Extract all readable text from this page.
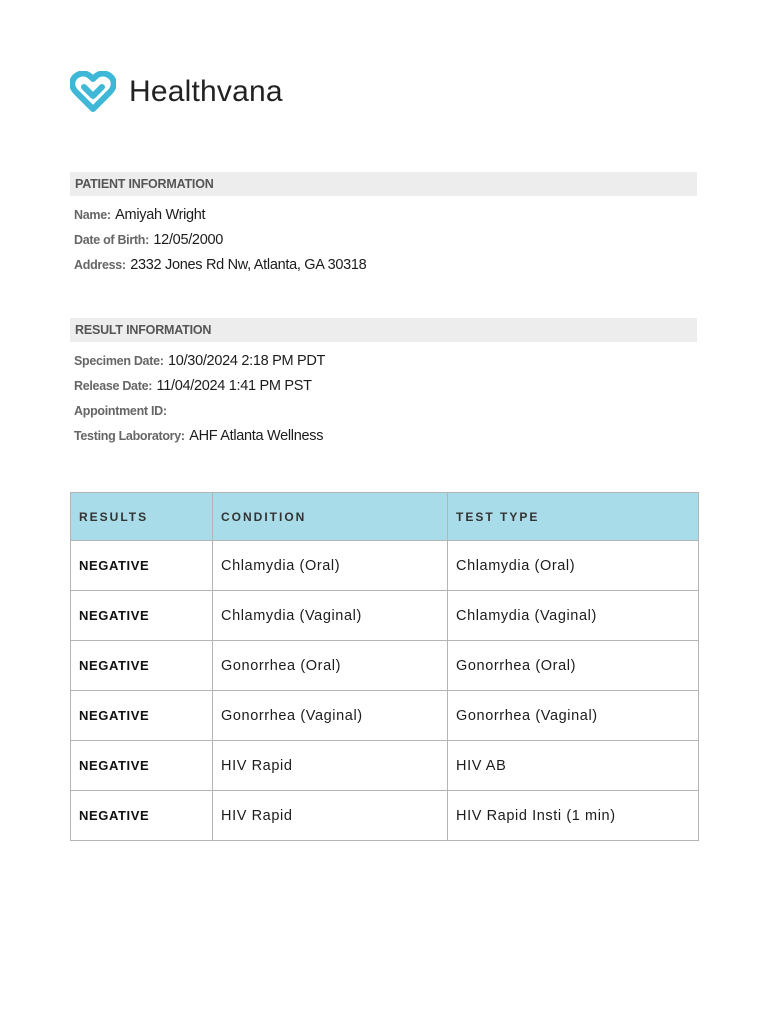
Healthvana
PATIENT INFORMATION
Name: Amiyah Wright
Date of Birth: 12/05/2000
Address: 2332 Jones Rd Nw, Atlanta, GA 30318
RESULT INFORMATION
Specimen Date: 10/30/2024 2:18 PM PDT
Release Date: 11/04/2024 1:41 PM PST
Appointment ID:
Testing Laboratory: AHF Atlanta Wellness
RESULTS	CONDITION	TEST TYPE
NEGATIVE	Chlamydia (Oral)	Chlamydia (Oral)
NEGATIVE	Chlamydia (Vaginal)	Chlamydia (Vaginal)
NEGATIVE	Gonorrhea (Oral)	Gonorrhea (Oral)
NEGATIVE	Gonorrhea (Vaginal)	Gonorrhea (Vaginal)
NEGATIVE	HIV Rapid	HIV AB
NEGATIVE	HIV Rapid	HIV Rapid Insti (1 min)
